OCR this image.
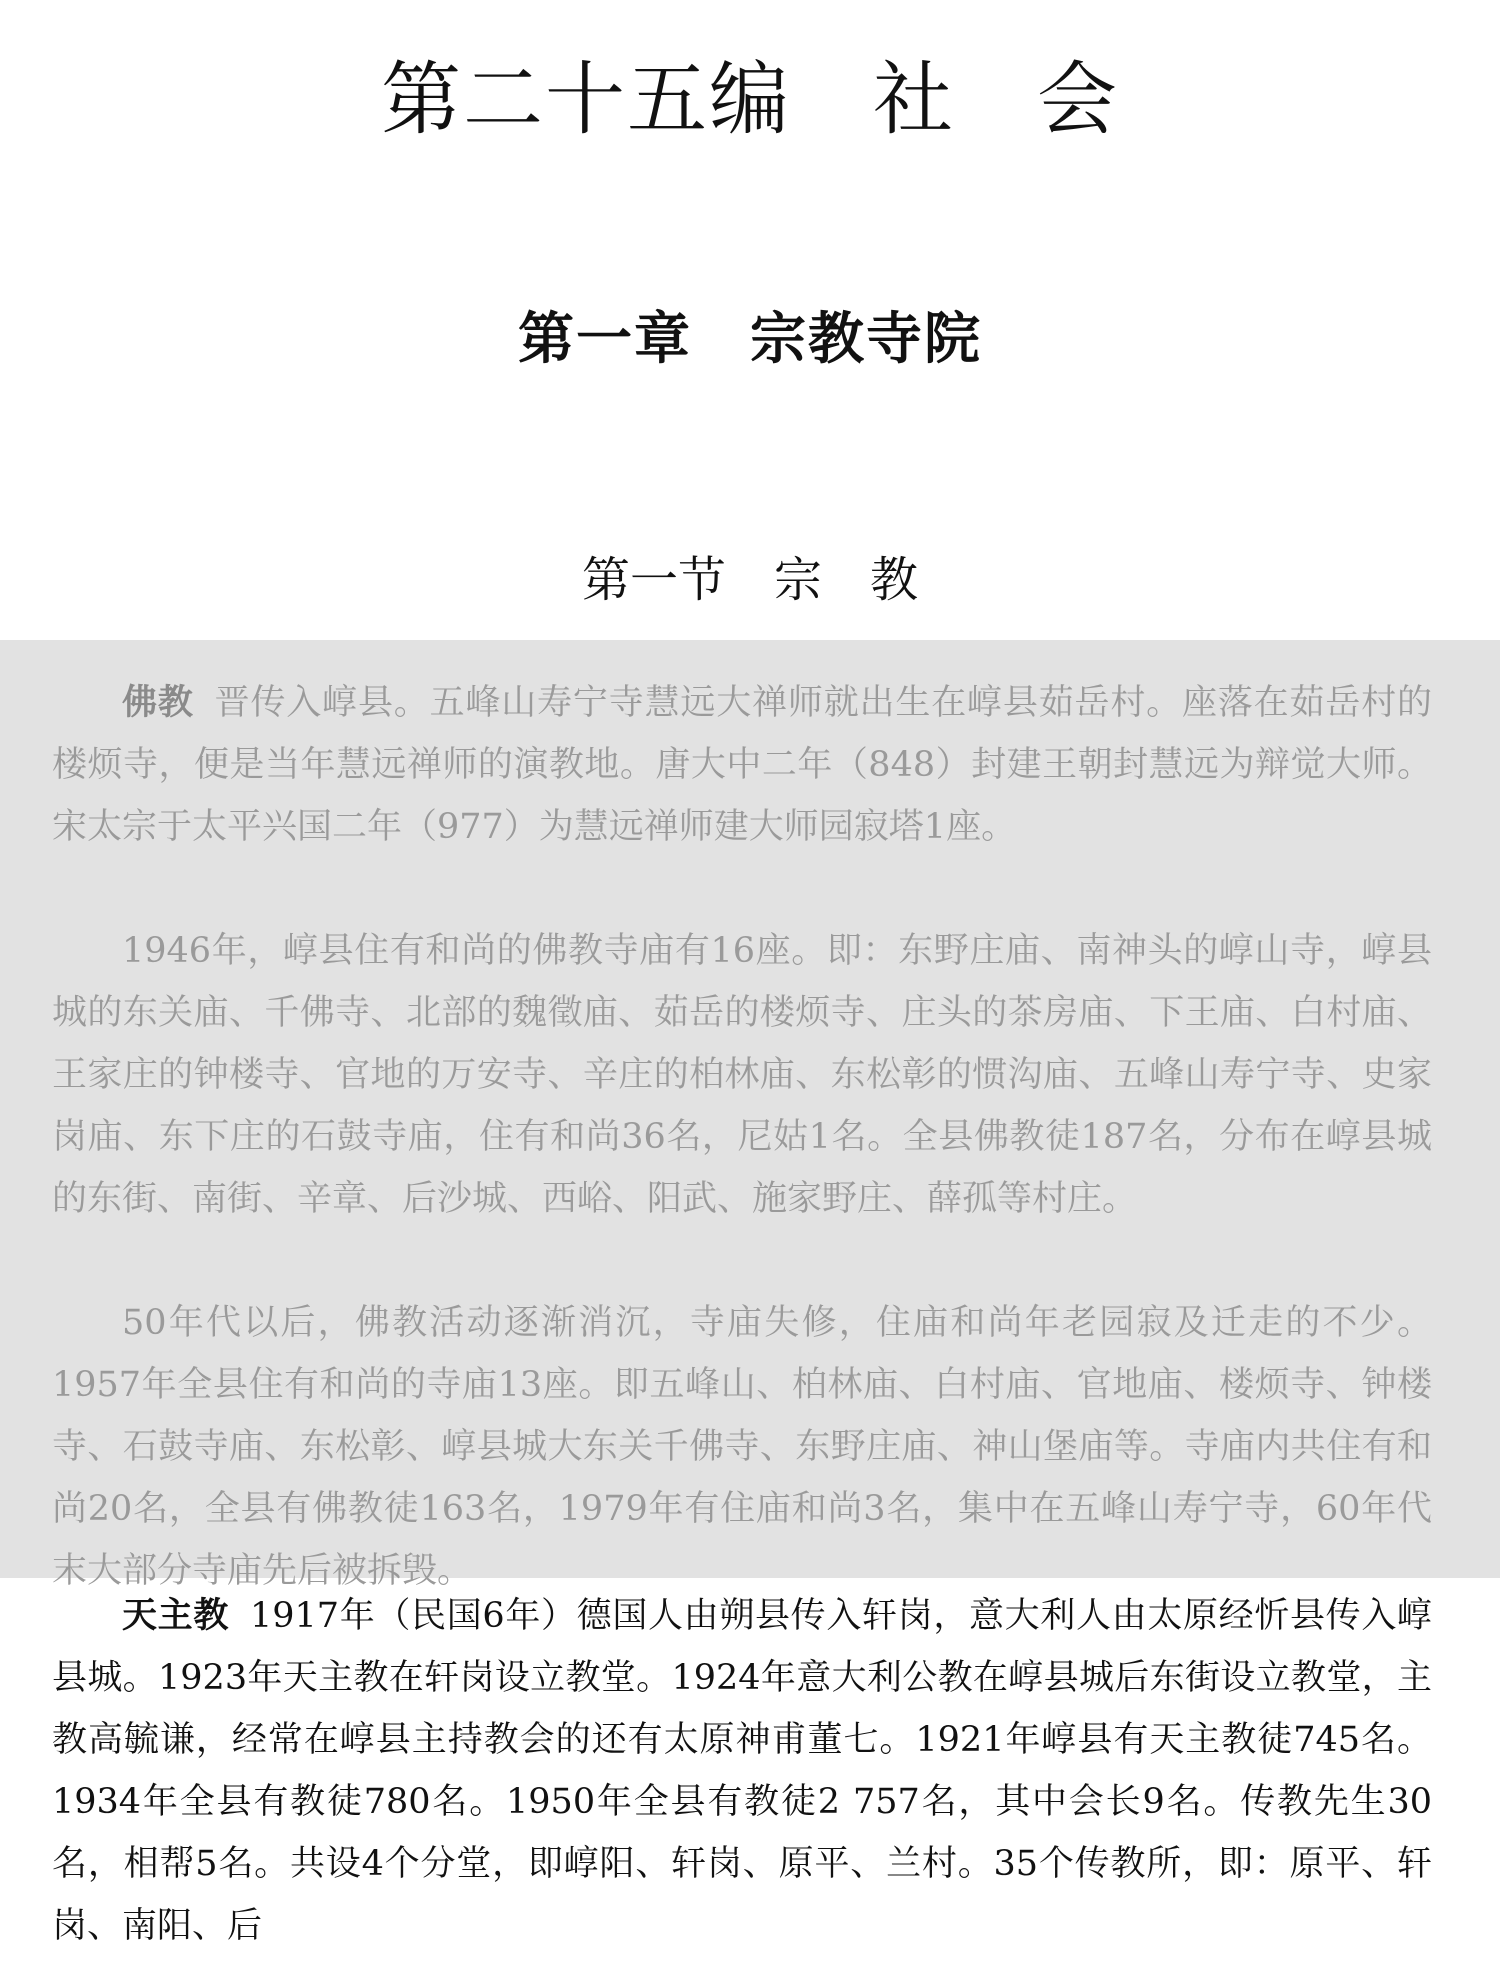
第二十五编　社　会
第一章　宗教寺院
第一节　宗　教

佛教 晋传入崞县。五峰山寿宁寺慧远大禅师就出生在崞县茹岳村。座落在茹岳村的楼烦寺，便是当年慧远禅师的演教地。唐大中二年（848）封建王朝封慧远为辩觉大师。宋太宗于太平兴国二年（977）为慧远禅师建大师园寂塔1座。

1946年，崞县住有和尚的佛教寺庙有16座。即：东野庄庙、南神头的崞山寺，崞县城的东关庙、千佛寺、北部的魏徵庙、茹岳的楼烦寺、庄头的茶房庙、下王庙、白村庙、王家庄的钟楼寺、官地的万安寺、辛庄的柏林庙、东松彰的惯沟庙、五峰山寿宁寺、史家岗庙、东下庄的石鼓寺庙，住有和尚36名，尼姑1名。全县佛教徒187名，分布在崞县城的东街、南街、辛章、后沙城、西峪、阳武、施家野庄、薛孤等村庄。

50年代以后，佛教活动逐渐消沉，寺庙失修，住庙和尚年老园寂及迁走的不少。1957年全县住有和尚的寺庙13座。即五峰山、柏林庙、白村庙、官地庙、楼烦寺、钟楼寺、石鼓寺庙、东松彰、崞县城大东关千佛寺、东野庄庙、神山堡庙等。寺庙内共住有和尚20名，全县有佛教徒163名，1979年有住庙和尚3名，集中在五峰山寿宁寺，60年代末大部分寺庙先后被拆毁。

天主教 1917年（民国6年）德国人由朔县传入轩岗，意大利人由太原经忻县传入崞县城。1923年天主教在轩岗设立教堂。1924年意大利公教在崞县城后东街设立教堂，主教高毓谦，经常在崞县主持教会的还有太原神甫董七。1921年崞县有天主教徒745名。1934年全县有教徒780名。1950年全县有教徒2 757名，其中会长9名。传教先生30名，相帮5名。共设4个分堂，即崞阳、轩岗、原平、兰村。35个传教所，即：原平、轩岗、南阳、后
